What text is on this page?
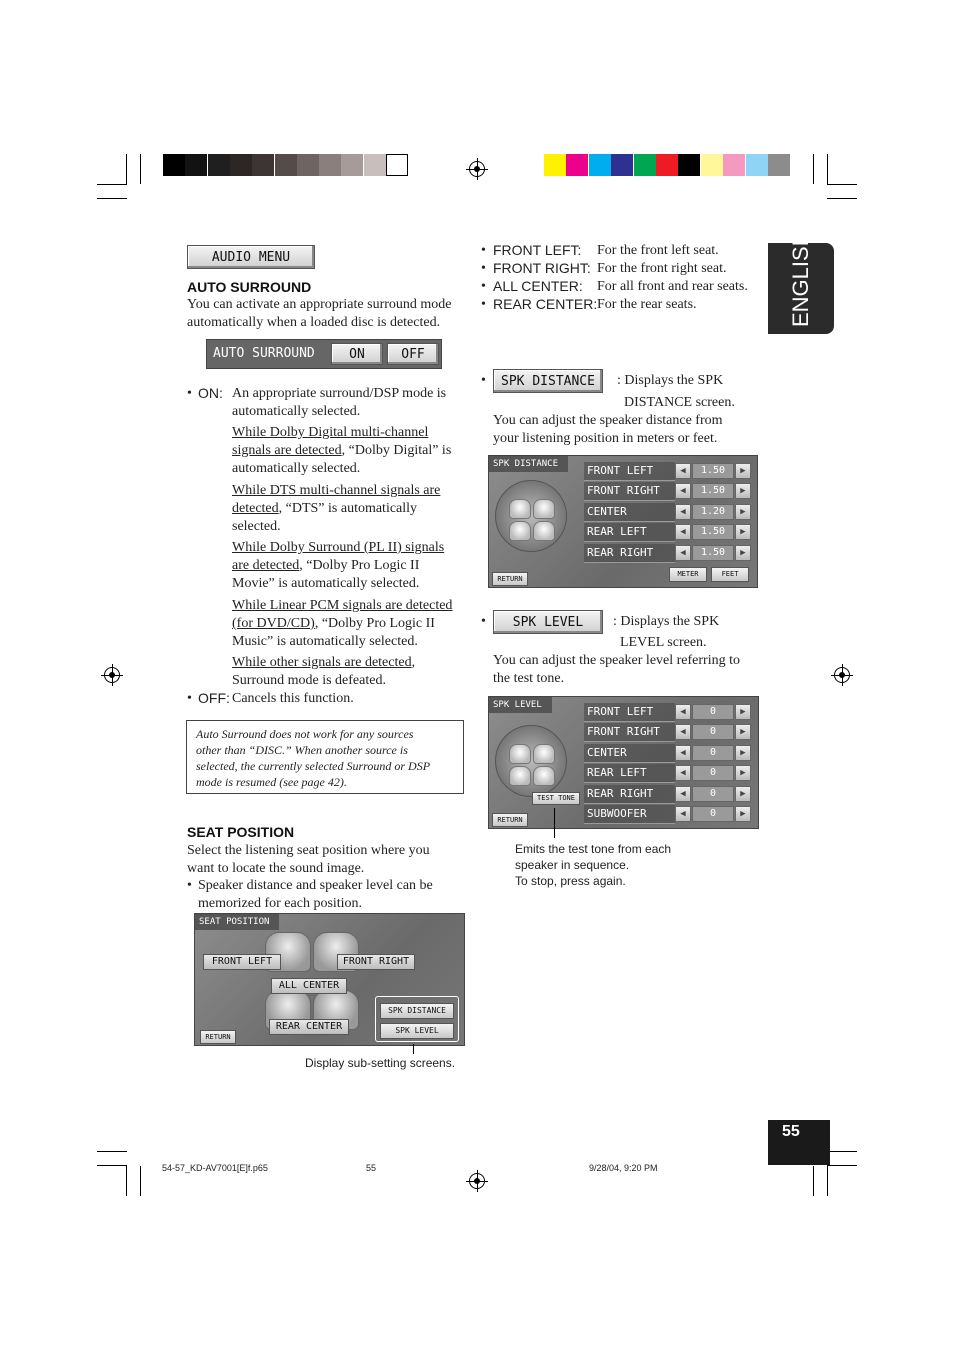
ENGLISH
55
AUDIO MENU
AUTO SURROUND
You can activate an appropriate surround mode automatically when a loaded disc is detected.
AUTO SURROUND	ON	OFF
• ON: An appropriate surround/DSP mode is automatically selected.
While Dolby Digital multi-channel
signals are detected, “Dolby Digital” is
automatically selected.
While DTS multi-channel signals are
detected, “DTS” is automatically
selected.
While Dolby Surround (PL II) signals
are detected, “Dolby Pro Logic II
Movie” is automatically selected.
While Linear PCM signals are detected
(for DVD/CD), “Dolby Pro Logic II
Music” is automatically selected.
While other signals are detected,
Surround mode is defeated.
• OFF: Cancels this function.
Auto Surround does not work for any sources
other than “DISC.” When another source is
selected, the currently selected Surround or DSP
mode is resumed (see page 42).
SEAT POSITION
Select the listening seat position where you want to locate the sound image.
• Speaker distance and speaker level can be memorized for each position.
SEAT POSITION
FRONT LEFT	FRONT RIGHT
ALL CENTER
REAR CENTER
SPK DISTANCE
SPK LEVEL
RETURN
Display sub-setting screens.
• FRONT LEFT: For the front left seat.
• FRONT RIGHT: For the front right seat.
• ALL CENTER: For all front and rear seats.
• REAR CENTER: For the rear seats.
•	SPK DISTANCE	: Displays the SPK
DISTANCE screen.
You can adjust the speaker distance from your listening position in meters or feet.
SPK DISTANCE	FRONT LEFT	◀	1.50	▶
FRONT RIGHT	◀	1.50	▶
CENTER	◀	1.20	▶
REAR LEFT	◀	1.50	▶
REAR RIGHT	◀	1.50	▶
METER	FEET
RETURN
•	SPK LEVEL	: Displays the SPK
LEVEL screen.
You can adjust the speaker level referring to the test tone.
SPK LEVEL	FRONT LEFT	◀	0	▶
FRONT RIGHT	◀	0	▶
CENTER	◀	0	▶
REAR LEFT	◀	0	▶
REAR RIGHT	◀	0	▶
SUBWOOFER	◀	0	▶
TEST TONE
RETURN
Emits the test tone from each
speaker in sequence.
To stop, press again.
54-57_KD-AV7001[E]f.p65	55	9/28/04, 9:20 PM
